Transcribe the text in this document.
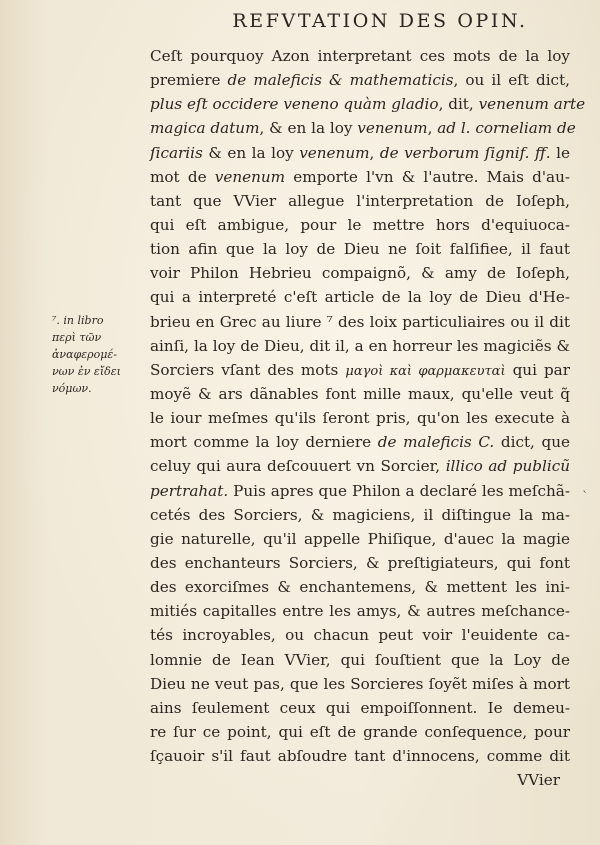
REFVTATION DES OPIN.
Ceſt pourquoy Azon interpretant ces mots de la loy
premiere de maleficis & mathematicis, ou il eſt dict,
plus eſt occidere veneno quàm gladio, dit, venenum arte
magica datum, & en la loy venenum, ad l. corneliam de
ſicariis & en la loy venenum, de verborum ſignif. ff. le
mot de venenum emporte l'vn & l'autre. Mais d'au-
tant que VVier allegue l'interpretation de Ioſeph,
qui eſt ambigue, pour le mettre hors d'equiuoca-
tion afin que la loy de Dieu ne ſoit falſifiee, il faut
voir Philon Hebrieu compaignõ, & amy de Ioſeph,
qui a interpreté c'eſt article de la loy de Dieu d'He-
brieu en Grec au liure ⁷ des loix particuliaires ou il dit
ainſi, la loy de Dieu, dit il, a en horreur les magiciẽs &
Sorciers vſant des mots μαγοὶ καὶ φαρμακευταὶ qui par
moyẽ & ars dãnables font mille maux, qu'elle veut q̃
le iour meſmes qu'ils ſeront pris, qu'on les execute à
mort comme la loy derniere de maleficis C. dict, que
celuy qui aura deſcouuert vn Sorcier, illico ad publicũ
pertrahat. Puis apres que Philon a declaré les meſchã-
cetés des Sorciers, & magiciens, il diſtingue la ma-
gie naturelle, qu'il appelle Phiſique, d'auec la magie
des enchanteurs Sorciers, & preſtigiateurs, qui font
des exorciſmes & enchantemens, & mettent les ini-
mitiés capitalles entre les amys, & autres meſchance-
tés incroyables, ou chacun peut voir l'euidente ca-
lomnie de Iean VVier, qui ſouſtient que la Loy de
Dieu ne veut pas, que les Sorcieres ſoyẽt miſes à mort
ains ſeulement ceux qui empoiſſonnent. Ie demeu-
re ſur ce point, qui eſt de grande conſequence, pour
ſçauoir s'il faut abſoudre tant d'innocens, comme dit
VVier
⁷. in libro
περὶ τῶν
ἀναφερομέ-
νων ἐν εἴδει
νόμων.
`
